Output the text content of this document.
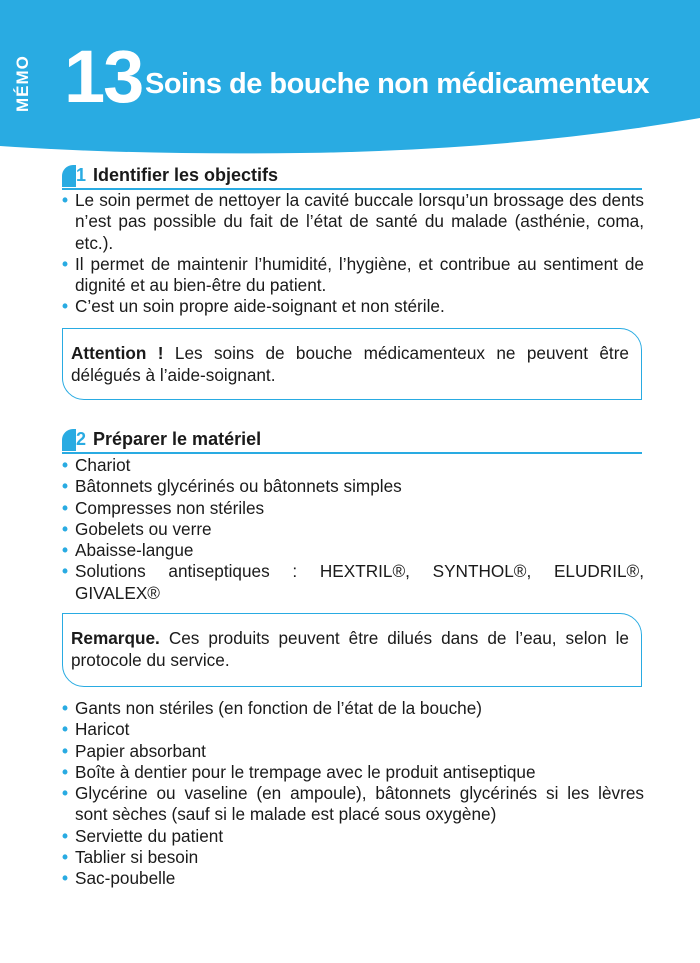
MÉMO 13 Soins de bouche non médicamenteux
1 Identifier les objectifs
• Le soin permet de nettoyer la cavité buccale lorsqu’un brossage des dents n’est pas possible du fait de l’état de santé du malade (asthénie, coma, etc.).
• Il permet de maintenir l’humidité, l’hygiène, et contribue au sentiment de dignité et au bien-être du patient.
• C’est un soin propre aide-soignant et non stérile.
Attention ! Les soins de bouche médicamenteux ne peuvent être délégués à l’aide-soignant.
2 Préparer le matériel
• Chariot
• Bâtonnets glycérinés ou bâtonnets simples
• Compresses non stériles
• Gobelets ou verre
• Abaisse-langue
• Solutions antiseptiques : HEXTRIL®, SYNTHOL®, ELUDRIL®, GIVALEX®
Remarque. Ces produits peuvent être dilués dans de l’eau, selon le protocole du service.
• Gants non stériles (en fonction de l’état de la bouche)
• Haricot
• Papier absorbant
• Boîte à dentier pour le trempage avec le produit antiseptique
• Glycérine ou vaseline (en ampoule), bâtonnets glycérinés si les lèvres sont sèches (sauf si le malade est placé sous oxygène)
• Serviette du patient
• Tablier si besoin
• Sac-poubelle
